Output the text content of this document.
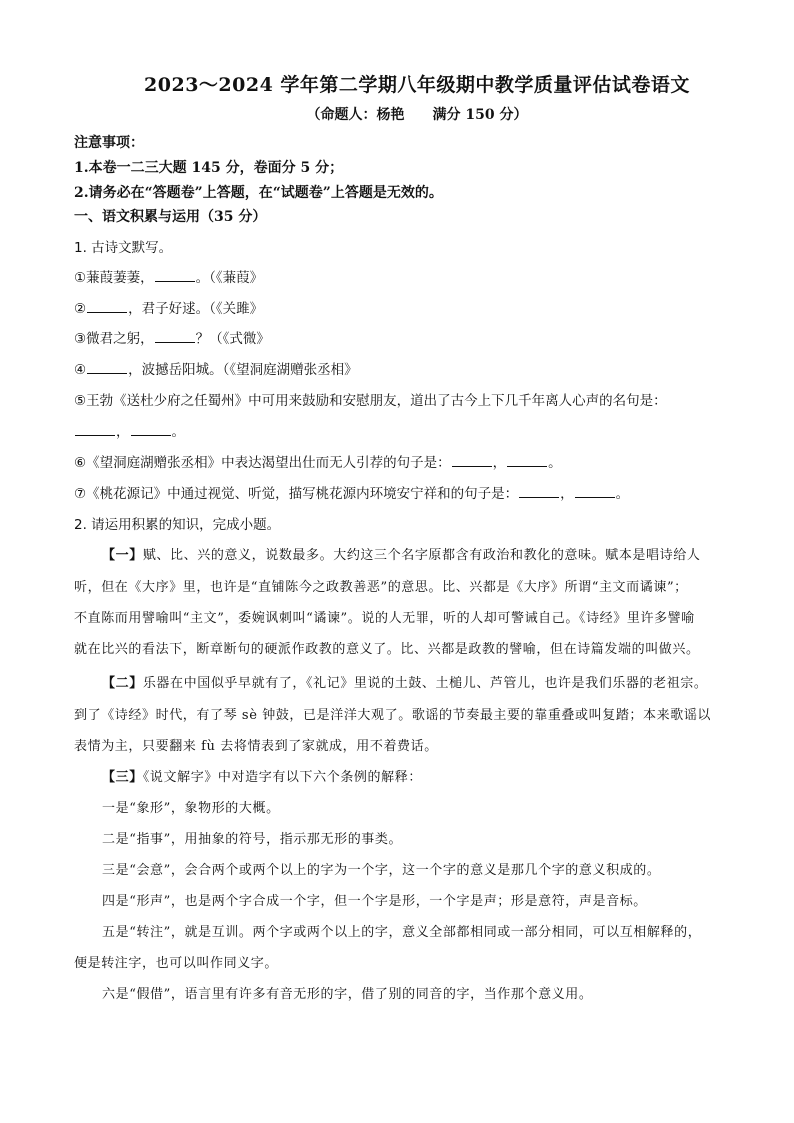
2023～2024 学年第二学期八年级期中教学质量评估试卷语文
（命题人：杨艳 满分 150 分）
注意事项：
1.本卷一二三大题 145 分，卷面分 5 分；
2.请务必在“答题卷”上答题，在“试题卷”上答题是无效的。
一、语文积累与运用（35 分）
1. 古诗文默写。
①蒹葭萋萋，	。（《蒹葭》
②	，君子好逑。（《关雎》
③微君之躬，	？（《式微》
④	，波撼岳阳城。（《望洞庭湖赠张丞相》
⑤王勃《送杜少府之任蜀州》中可用来鼓励和安慰朋友，道出了古今上下几千年离人心声的名句是：
，	。
⑥《望洞庭湖赠张丞相》中表达渴望出仕而无人引荐的句子是：	，	。
⑦《桃花源记》中通过视觉、听觉，描写桃花源内环境安宁祥和的句子是：	，	。
2. 请运用积累的知识，完成小题。
【一】赋、比、兴的意义，说数最多。大约这三个名字原都含有政治和教化的意味。赋本是唱诗给人
听，但在《大序》里，也许是“直铺陈今之政教善恶”的意思。比、兴都是《大序》所谓“主文而谲谏”；
不直陈而用譬喻叫“主文”，委婉讽刺叫“谲谏”。说的人无罪，听的人却可警诫自己。《诗经》里许多譬喻
就在比兴的看法下，断章断句的硬派作政教的意义了。比、兴都是政教的譬喻，但在诗篇发端的叫做兴。
【二】乐器在中国似乎早就有了，《礼记》里说的土鼓、土槌儿、芦管儿，也许是我们乐器的老祖宗。
到了《诗经》时代，有了琴 sè 钟鼓，已是洋洋大观了。歌谣的节奏最主要的靠重叠或叫复踏；本来歌谣以
表情为主，只要翻来 fù 去将情表到了家就成，用不着费话。
【三】《说文解字》中对造字有以下六个条例的解释：
一是“象形”，象物形的大概。
二是“指事”，用抽象的符号，指示那无形的事类。
三是“会意”，会合两个或两个以上的字为一个字，这一个字的意义是那几个字的意义积成的。
四是“形声”，也是两个字合成一个字，但一个字是形，一个字是声；形是意符，声是音标。
五是“转注”，就是互训。两个字或两个以上的字，意义全部都相同或一部分相同，可以互相解释的，
便是转注字，也可以叫作同义字。
六是“假借”，语言里有许多有音无形的字，借了别的同音的字，当作那个意义用。
